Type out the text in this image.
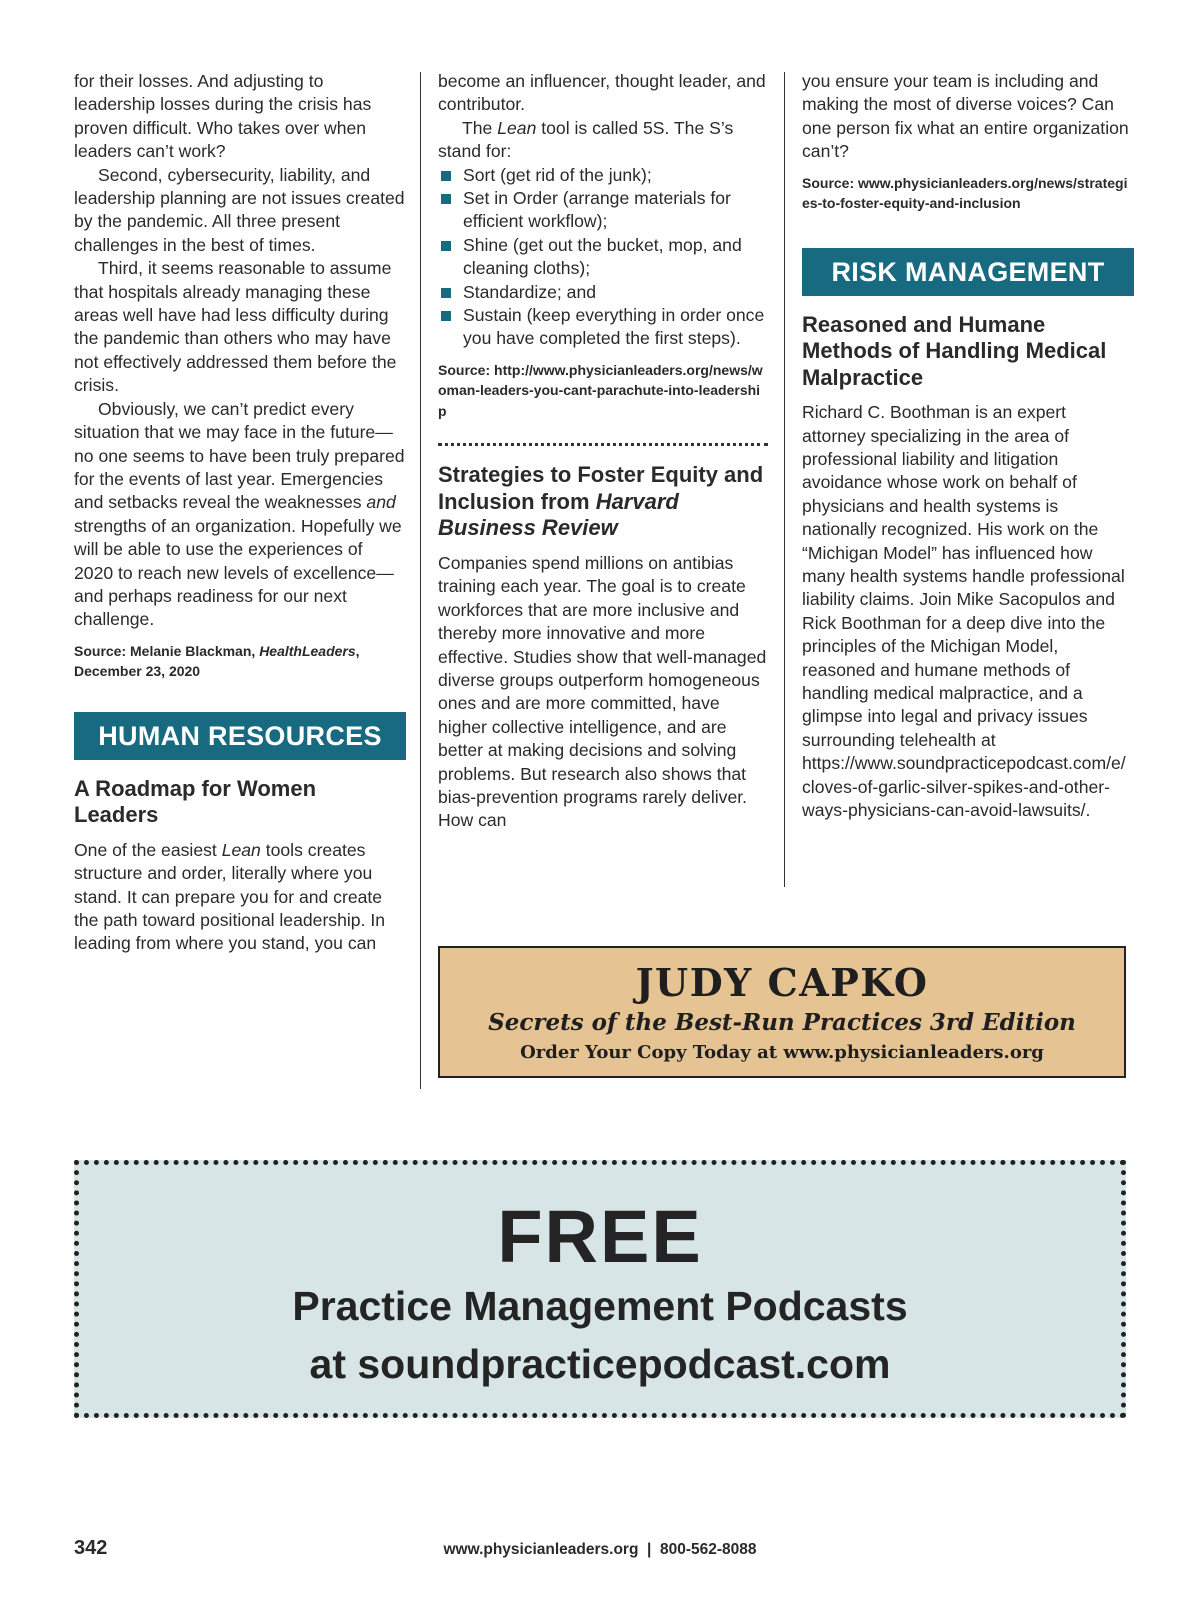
for their losses. And adjusting to leadership losses during the crisis has proven difficult. Who takes over when leaders can’t work?

Second, cybersecurity, liability, and leadership planning are not issues created by the pandemic. All three present challenges in the best of times.

Third, it seems reasonable to assume that hospitals already managing these areas well have had less difficulty during the pandemic than others who may have not effectively addressed them before the crisis.

Obviously, we can’t predict every situation that we may face in the future—no one seems to have been truly prepared for the events of last year. Emergencies and setbacks reveal the weaknesses and strengths of an organization. Hopefully we will be able to use the experiences of 2020 to reach new levels of excellence—and perhaps readiness for our next challenge.

Source: Melanie Blackman, HealthLeaders, December 23, 2020

HUMAN RESOURCES
A Roadmap for Women Leaders

One of the easiest Lean tools creates structure and order, literally where you stand. It can prepare you for and create the path toward positional leadership. In leading from where you stand, you can

become an influencer, thought leader, and contributor.

The Lean tool is called 5S. The S’s stand for:

Sort (get rid of the junk);
Set in Order (arrange materials for efficient workflow);
Shine (get out the bucket, mop, and cleaning cloths);
Standardize; and
Sustain (keep everything in order once you have completed the first steps).

Source: http://www.physicianleaders.org/news/woman-leaders-you-cant-parachute-into-leadership

Strategies to Foster Equity and Inclusion from Harvard Business Review

Companies spend millions on antibias training each year. The goal is to create workforces that are more inclusive and thereby more innovative and more effective. Studies show that well-managed diverse groups outperform homogeneous ones and are more committed, have higher collective intelligence, and are better at making decisions and solving problems. But research also shows that bias-prevention programs rarely deliver. How can

you ensure your team is including and making the most of diverse voices? Can one person fix what an entire organization can’t?

Source: www.physicianleaders.org/news/strategies-to-foster-equity-and-inclusion

RISK MANAGEMENT
Reasoned and Humane Methods of Handling Medical Malpractice

Richard C. Boothman is an expert attorney specializing in the area of professional liability and litigation avoidance whose work on behalf of physicians and health systems is nationally recognized. His work on the “Michigan Model” has influenced how many health systems handle professional liability claims. Join Mike Sacopulos and Rick Boothman for a deep dive into the principles of the Michigan Model, reasoned and humane methods of handling medical malpractice, and a glimpse into legal and privacy issues surrounding telehealth at https://www.soundpracticepodcast.com/e/cloves-of-garlic-silver-spikes-and-other-ways-physicians-can-avoid-lawsuits/.

JUDY CAPKO
Secrets of the Best-Run Practices 3rd Edition
Order Your Copy Today at www.physicianleaders.org
FREE
Practice Management Podcasts
at soundpracticepodcast.com
342	www.physicianleaders.org  |  800-562-8088
